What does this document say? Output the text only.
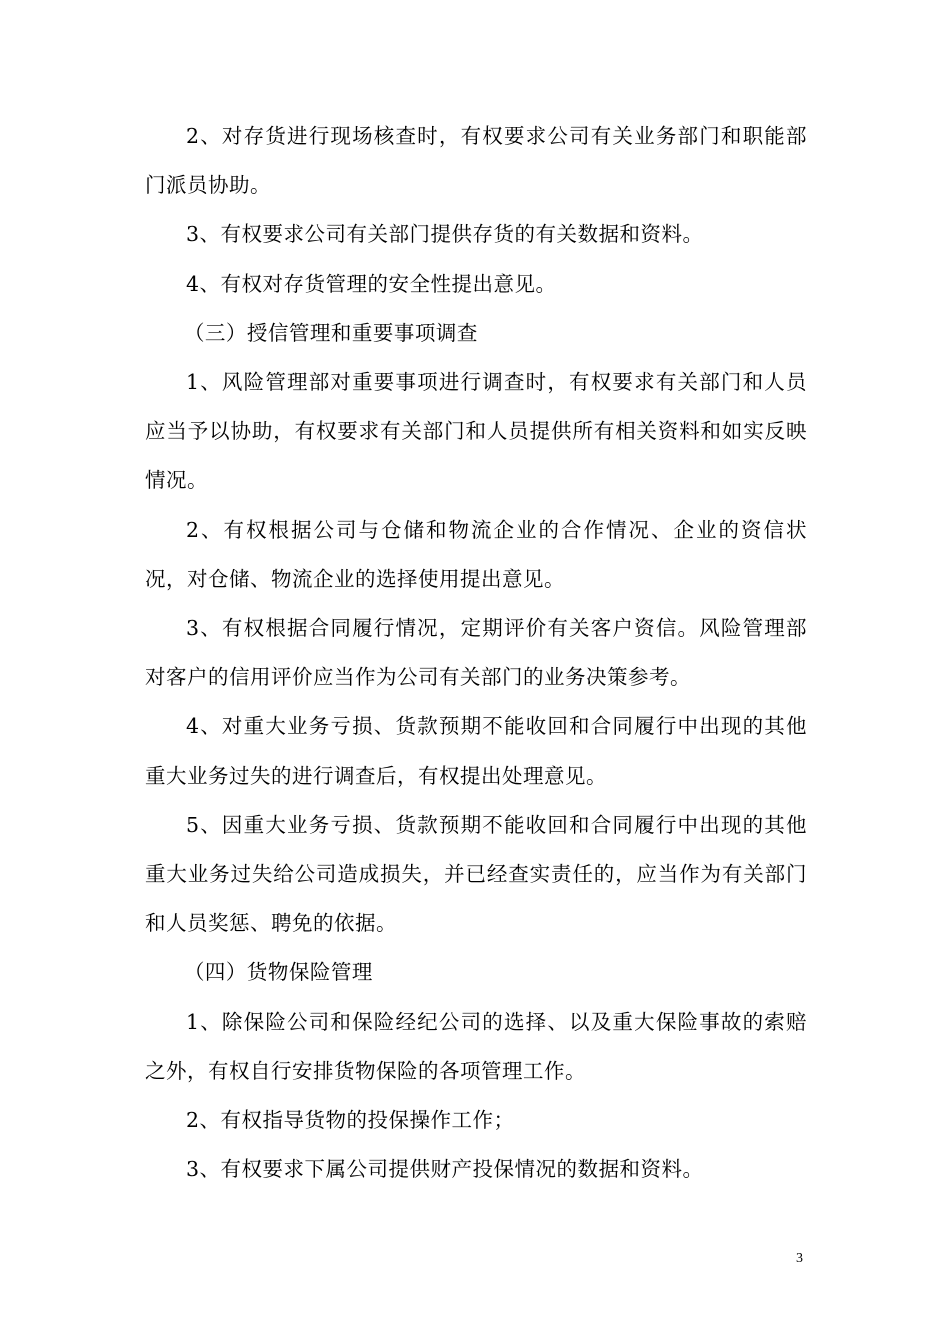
2、对存货进行现场核查时，有权要求公司有关业务部门和职能部门派员协助。

3、有权要求公司有关部门提供存货的有关数据和资料。

4、有权对存货管理的安全性提出意见。

（三）授信管理和重要事项调查

1、风险管理部对重要事项进行调查时，有权要求有关部门和人员应当予以协助，有权要求有关部门和人员提供所有相关资料和如实反映情况。

2、有权根据公司与仓储和物流企业的合作情况、企业的资信状况，对仓储、物流企业的选择使用提出意见。

3、有权根据合同履行情况，定期评价有关客户资信。风险管理部对客户的信用评价应当作为公司有关部门的业务决策参考。

4、对重大业务亏损、货款预期不能收回和合同履行中出现的其他重大业务过失的进行调查后，有权提出处理意见。

5、因重大业务亏损、货款预期不能收回和合同履行中出现的其他重大业务过失给公司造成损失，并已经查实责任的，应当作为有关部门和人员奖惩、聘免的依据。

（四）货物保险管理

1、除保险公司和保险经纪公司的选择、以及重大保险事故的索赔之外，有权自行安排货物保险的各项管理工作。

2、有权指导货物的投保操作工作；

3、有权要求下属公司提供财产投保情况的数据和资料。

3
